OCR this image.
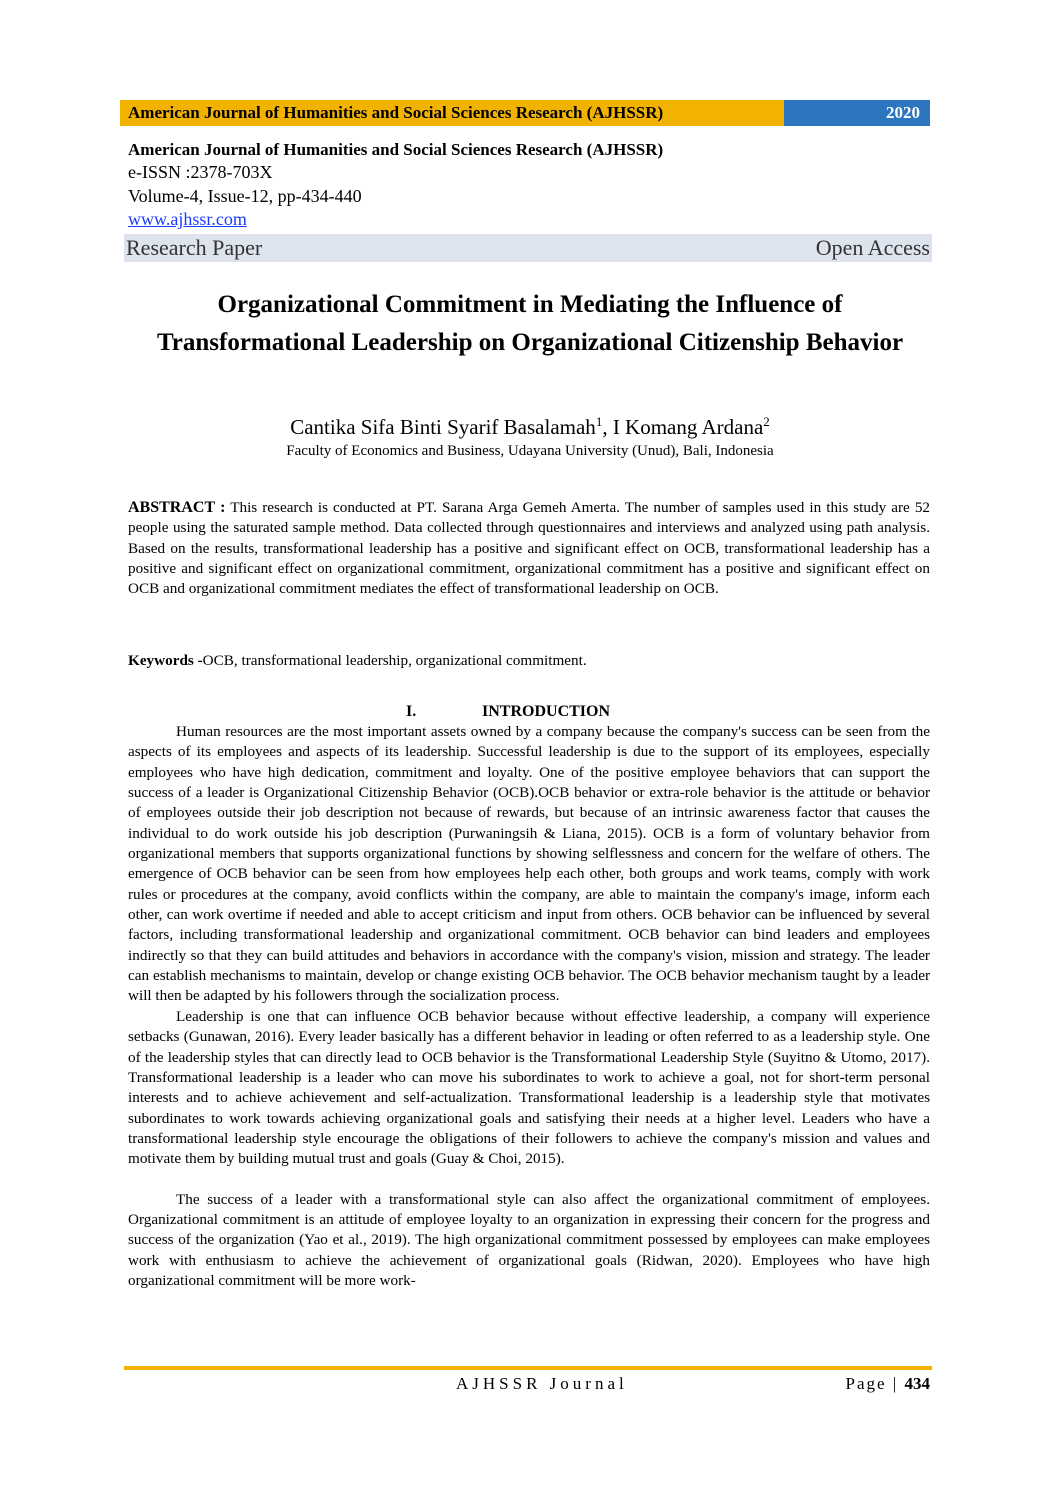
American Journal of Humanities and Social Sciences Research (AJHSSR)	2020
American Journal of Humanities and Social Sciences Research (AJHSSR)
e-ISSN :2378-703X
Volume-4, Issue-12, pp-434-440
www.ajhssr.com
Research Paper	Open Access
Organizational Commitment in Mediating the Influence of Transformational Leadership on Organizational Citizenship Behavior
Cantika Sifa Binti Syarif Basalamah$^1$, I Komang Ardana$^2$
Faculty of Economics and Business, Udayana University (Unud), Bali, Indonesia
ABSTRACT : This research is conducted at PT. Sarana Arga Gemeh Amerta. The number of samples used in this study are 52 people using the saturated sample method. Data collected through questionnaires and interviews and analyzed using path analysis. Based on the results, transformational leadership has a positive and significant effect on OCB, transformational leadership has a positive and significant effect on organizational commitment, organizational commitment has a positive and significant effect on OCB and organizational commitment mediates the effect of transformational leadership on OCB.
Keywords -OCB, transformational leadership, organizational commitment.
I.	INTRODUCTION

Human resources are the most important assets owned by a company because the company's success can be seen from the aspects of its employees and aspects of its leadership. Successful leadership is due to the support of its employees, especially employees who have high dedication, commitment and loyalty. One of the positive employee behaviors that can support the success of a leader is Organizational Citizenship Behavior (OCB).OCB behavior or extra-role behavior is the attitude or behavior of employees outside their job description not because of rewards, but because of an intrinsic awareness factor that causes the individual to do work outside his job description (Purwaningsih & Liana, 2015). OCB is a form of voluntary behavior from organizational members that supports organizational functions by showing selflessness and concern for the welfare of others. The emergence of OCB behavior can be seen from how employees help each other, both groups and work teams, comply with work rules or procedures at the company, avoid conflicts within the company, are able to maintain the company's image, inform each other, can work overtime if needed and able to accept criticism and input from others. OCB behavior can be influenced by several factors, including transformational leadership and organizational commitment. OCB behavior can bind leaders and employees indirectly so that they can build attitudes and behaviors in accordance with the company's vision, mission and strategy. The leader can establish mechanisms to maintain, develop or change existing OCB behavior. The OCB behavior mechanism taught by a leader will then be adapted by his followers through the socialization process.

Leadership is one that can influence OCB behavior because without effective leadership, a company will experience setbacks (Gunawan, 2016). Every leader basically has a different behavior in leading or often referred to as a leadership style. One of the leadership styles that can directly lead to OCB behavior is the Transformational Leadership Style (Suyitno & Utomo, 2017). Transformational leadership is a leader who can move his subordinates to work to achieve a goal, not for short-term personal interests and to achieve achievement and self-actualization. Transformational leadership is a leadership style that motivates subordinates to work towards achieving organizational goals and satisfying their needs at a higher level. Leaders who have a transformational leadership style encourage the obligations of their followers to achieve the company's mission and values and motivate them by building mutual trust and goals (Guay & Choi, 2015).

The success of a leader with a transformational style can also affect the organizational commitment of employees. Organizational commitment is an attitude of employee loyalty to an organization in expressing their concern for the progress and success of the organization (Yao et al., 2019). The high organizational commitment possessed by employees can make employees work with enthusiasm to achieve the achievement of organizational goals (Ridwan, 2020). Employees who have high organizational commitment will be more work-

AJHSSR Journal	Page | 434
